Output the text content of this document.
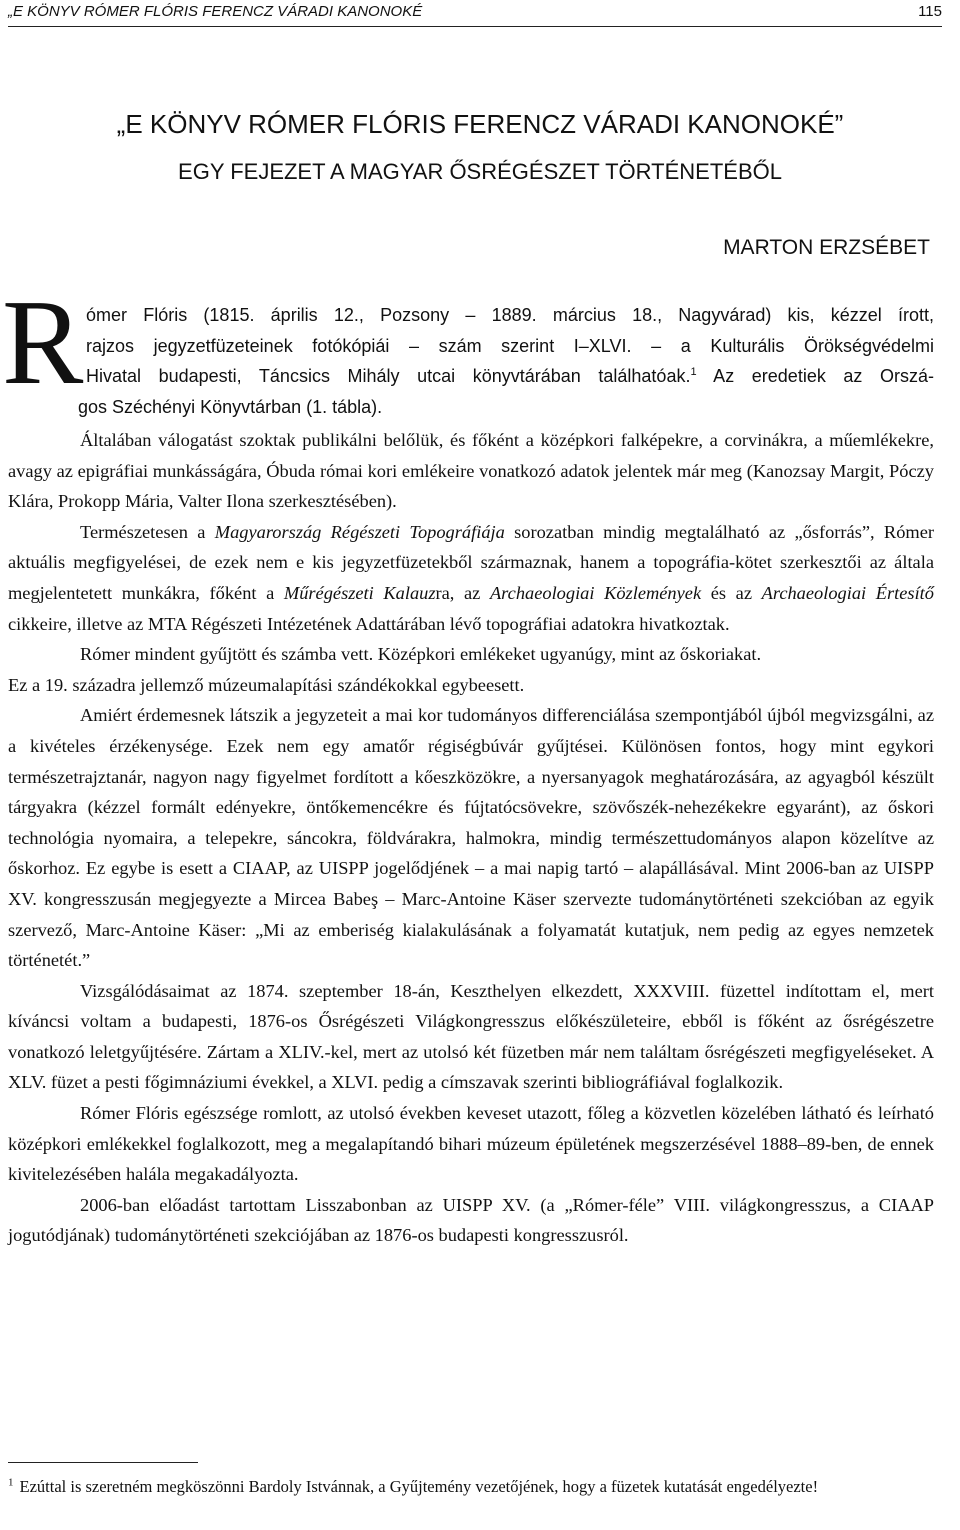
„E KÖNYV RÓMER FLÓRIS FERENCZ VÁRADI KANONOKÉ	115
„E KÖNYV RÓMER FLÓRIS FERENCZ VÁRADI KANONOKÉ”
EGY FEJEZET A MAGYAR ŐSRÉGÉSZET TÖRTÉNETÉBŐL
MARTON ERZSÉBET
R ómer Flóris (1815. április 12., Pozsony – 1889. március 18., Nagyvárad) kis, kézzel írott,
rajzos jegyzetfüzeteinek fotókópiái – szám szerint I–XLVI. – a Kulturális Örökségvédelmi
Hivatal budapesti, Táncsics Mihály utcai könyvtárában találhatóak.$^1$ Az eredetiek az Orszá-
gos Széchényi Könyvtárban (1. tábla).

Általában válogatást szoktak publikálni belőlük, és főként a középkori falképekre, a corvinákra, a műemlékekre, avagy az epigráfiai munkásságára, Óbuda római kori emlékeire vonatkozó adatok jelentek már meg (Kanozsay Margit, Póczy Klára, Prokopp Mária, Valter Ilona szerkesztésében).

Természetesen a Magyarország Régészeti Topográfiája sorozatban mindig megtalálható az „ősforrás”, Rómer aktuális megfigyelései, de ezek nem e kis jegyzetfüzetekből származnak, hanem a topográfia-kötet szerkesztői az általa megjelentetett munkákra, főként a Műrégészeti Kalauzra, az Archaeologiai Közlemények és az Archaeologiai Értesítő cikkeire, illetve az MTA Régészeti Intézetének Adattárában lévő topográfiai adatokra hivatkoztak.

Rómer mindent gyűjtött és számba vett. Középkori emlékeket ugyanúgy, mint az őskoriakat.

Ez a 19. századra jellemző múzeumalapítási szándékokkal egybeesett.

Amiért érdemesnek látszik a jegyzeteit a mai kor tudományos differenciálása szempontjából újból megvizsgálni, az a kivételes érzékenysége. Ezek nem egy amatőr régiségbúvár gyűjtései. Különösen fontos, hogy mint egykori természetrajztanár, nagyon nagy figyelmet fordított a kőeszközökre, a nyersanyagok meghatározására, az agyagból készült tárgyakra (kézzel formált edényekre, öntőkemencékre és fújtatócsövekre, szövőszék-nehezékekre egyaránt), az őskori technológia nyomaira, a telepekre, sáncokra, földvárakra, halmokra, mindig természettudományos alapon közelítve az őskorhoz. Ez egybe is esett a CIAAP, az UISPP jogelődjének – a mai napig tartó – alapállásával. Mint 2006-ban az UISPP XV. kongresszusán megjegyezte a Mircea Babeş – Marc-Antoine Käser szervezte tudománytörténeti szekcióban az egyik szervező, Marc-Antoine Käser: „Mi az emberiség kialakulásának a folyamatát kutatjuk, nem pedig az egyes nemzetek történetét.”

Vizsgálódásaimat az 1874. szeptember 18-án, Keszthelyen elkezdett, XXXVIII. füzettel indítottam el, mert kíváncsi voltam a budapesti, 1876-os Ősrégészeti Világkongresszus előkészületeire, ebből is főként az ősrégészetre vonatkozó leletgyűjtésére. Zártam a XLIV.-kel, mert az utolsó két füzetben már nem találtam ősrégészeti megfigyeléseket. A XLV. füzet a pesti főgimnáziumi évekkel, a XLVI. pedig a címszavak szerinti bibliográfiával foglalkozik.

Rómer Flóris egészsége romlott, az utolsó években keveset utazott, főleg a közvetlen közelében látható és leírható középkori emlékekkel foglalkozott, meg a megalapítandó bihari múzeum épületének megszerzésével 1888–89-ben, de ennek kivitelezésében halála megakadályozta.

2006-ban előadást tartottam Lisszabonban az UISPP XV. (a „Rómer-féle” VIII. világkongresszus, a CIAAP jogutódjának) tudománytörténeti szekciójában az 1876-os budapesti kongresszusról.

$^1$ Ezúttal is szeretném megköszönni Bardoly Istvánnak, a Gyűjtemény vezetőjének, hogy a füzetek kutatását engedélyezte!
